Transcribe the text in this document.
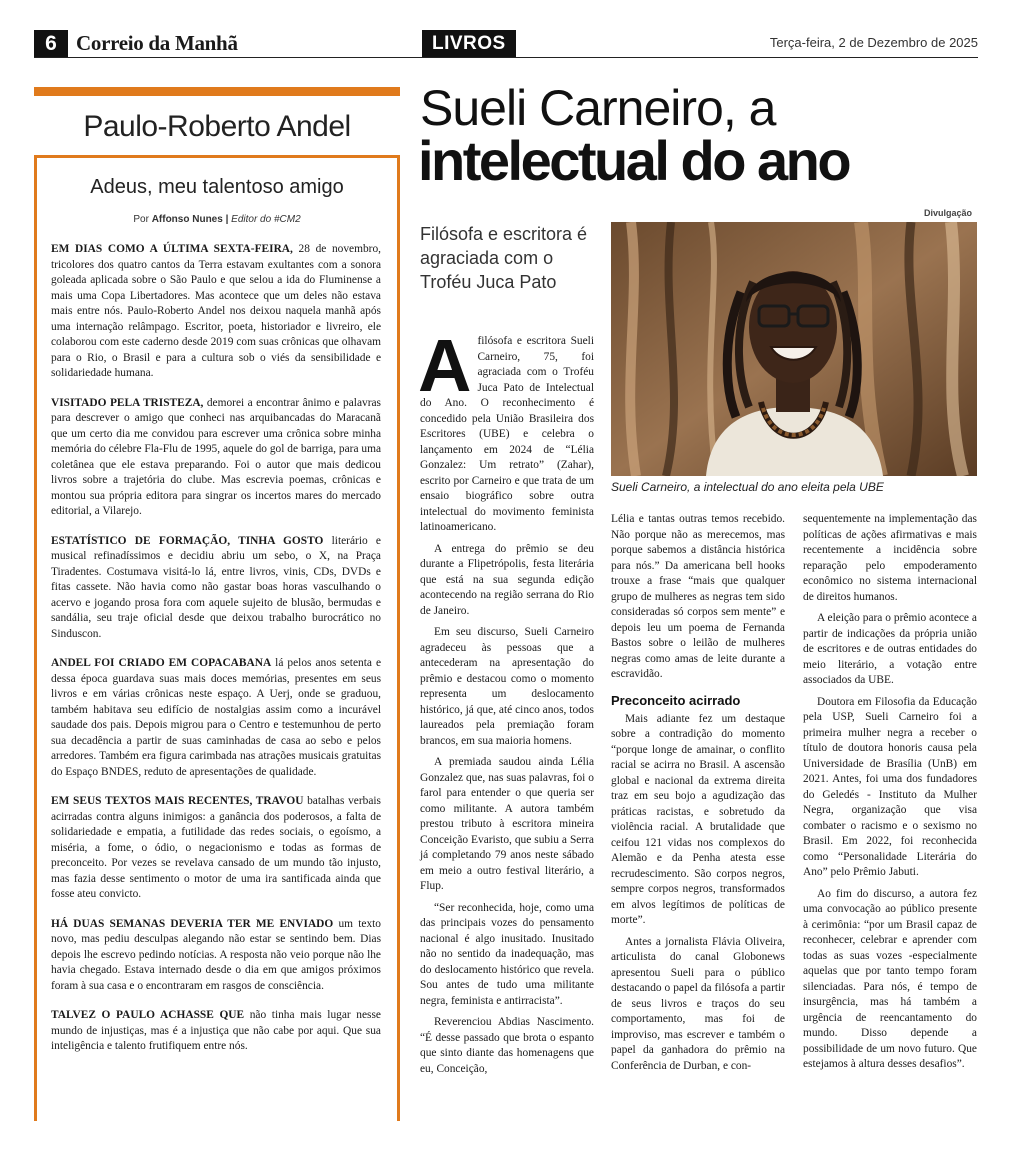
6 Correio da Manhã	LIVROS	Terça-feira, 2 de Dezembro de 2025
Paulo-Roberto Andel
Adeus, meu talentoso amigo
Por Affonso Nunes | Editor do #CM2

EM DIAS COMO A ÚLTIMA SEXTA-FEIRA, 28 de novembro, tricolores dos quatro cantos da Terra estavam exultantes com a sonora goleada aplicada sobre o São Paulo e que selou a ida do Fluminense a mais uma Copa Libertadores. Mas acontece que um deles não estava mais entre nós. Paulo-Roberto Andel nos deixou naquela manhã após uma internação relâmpago. Escritor, poeta, historiador e livreiro, ele colaborou com este caderno desde 2019 com suas crônicas que olhavam para o Rio, o Brasil e para a cultura sob o viés da sensibilidade e solidariedade humana.

VISITADO PELA TRISTEZA, demorei a encontrar ânimo e palavras para descrever o amigo que conheci nas arquibancadas do Maracanã que um certo dia me convidou para escrever uma crônica sobre minha memória do célebre Fla-Flu de 1995, aquele do gol de barriga, para uma coletânea que ele estava preparando. Foi o autor que mais dedicou livros sobre a trajetória do clube. Mas escrevia poemas, crônicas e montou sua própria editora para singrar os incertos mares do mercado editorial, a Vilarejo.

ESTATÍSTICO DE FORMAÇÃO, TINHA GOSTO literário e musical refinadíssimos e decidiu abriu um sebo, o X, na Praça Tiradentes. Costumava visitá-lo lá, entre livros, vinis, CDs, DVDs e fitas cassete. Não havia como não gastar boas horas vasculhando o acervo e jogando prosa fora com aquele sujeito de blusão, bermudas e sandália, seu traje oficial desde que deixou trabalho burocrático no Sinduscon.

ANDEL FOI CRIADO EM COPACABANA lá pelos anos setenta e dessa época guardava suas mais doces memórias, presentes em seus livros e em várias crônicas neste espaço. A Uerj, onde se graduou, também habitava seu edifício de nostalgias assim como a incurável saudade dos pais. Depois migrou para o Centro e testemunhou de perto sua decadência a partir de suas caminhadas de casa ao sebo e pelos arredores. Também era figura carimbada nas atrações musicais gratuitas do Espaço BNDES, reduto de apresentações de qualidade.

EM SEUS TEXTOS MAIS RECENTES, TRAVOU batalhas verbais acirradas contra alguns inimigos: a ganância dos poderosos, a falta de solidariedade e empatia, a futilidade das redes sociais, o egoísmo, a miséria, a fome, o ódio, o negacionismo e todas as formas de preconceito. Por vezes se revelava cansado de um mundo tão injusto, mas fazia desse sentimento o motor de uma ira santificada ainda que fosse ateu convicto.

HÁ DUAS SEMANAS DEVERIA TER ME ENVIADO um texto novo, mas pediu desculpas alegando não estar se sentindo bem. Dias depois lhe escrevo pedindo notícias. A resposta não veio porque não lhe havia chegado. Estava internado desde o dia em que amigos próximos foram à sua casa e o encontraram em rasgos de consciência.

TALVEZ O PAULO ACHASSE QUE não tinha mais lugar nesse mundo de injustiças, mas é a injustiça que não cabe por aqui. Que sua inteligência e talento frutifiquem entre nós.

Sueli Carneiro, a
intelectual do ano
Filósofa e escritora é agraciada com o Troféu Juca Pato
Divulgação
Sueli Carneiro, a intelectual do ano eleita pela UBE

Afilósofa e escritora Sueli Carneiro, 75, foi agraciada com o Troféu Juca Pato de Intelectual do Ano. O reconhecimento é concedido pela União Brasileira dos Escritores (UBE) e celebra o lançamento em 2024 de “Lélia Gonzalez: Um retrato” (Zahar), escrito por Carneiro e que trata de um ensaio biográfico sobre outra intelectual do movimento feminista latinoamericano.

A entrega do prêmio se deu durante a Flipetrópolis, festa literária que está na sua segunda edição acontecendo na região serrana do Rio de Janeiro.

Em seu discurso, Sueli Carneiro agradeceu às pessoas que a antecederam na apresentação do prêmio e destacou como o momento representa um deslocamento histórico, já que, até cinco anos, todos laureados pela premiação foram brancos, em sua maioria homens.

A premiada saudou ainda Lélia Gonzalez que, nas suas palavras, foi o farol para entender o que queria ser como militante. A autora também prestou tributo à escritora mineira Conceição Evaristo, que subiu a Serra já completando 79 anos neste sábado em meio a outro festival literário, a Flup.

“Ser reconhecida, hoje, como uma das principais vozes do pensamento nacional é algo inusitado. Inusitado não no sentido da inadequação, mas do deslocamento histórico que revela. Sou antes de tudo uma militante negra, feminista e antirracista”.

Reverenciou Abdias Nascimento. “É desse passado que brota o espanto que sinto diante das homenagens que eu, Conceição,

Lélia e tantas outras temos recebido. Não porque não as merecemos, mas porque sabemos a distância histórica para nós.” Da americana bell hooks trouxe a frase “mais que qualquer grupo de mulheres as negras tem sido consideradas só corpos sem mente” e depois leu um poema de Fernanda Bastos sobre o leilão de mulheres negras como amas de leite durante a escravidão.

Preconceito acirrado

Mais adiante fez um destaque sobre a contradição do momento “porque longe de amainar, o conflito racial se acirra no Brasil. A ascensão global e nacional da extrema direita traz em seu bojo a agudização das práticas racistas, e sobretudo da violência racial. A brutalidade que ceifou 121 vidas nos complexos do Alemão e da Penha atesta esse recrudescimento. São corpos negros, sempre corpos negros, transformados em alvos legítimos de políticas de morte”.

Antes a jornalista Flávia Oliveira, articulista do canal Globonews apresentou Sueli para o público destacando o papel da filósofa a partir de seus livros e traços do seu comportamento, mas foi de improviso, mas escrever e também o papel da ganhadora do prêmio na Conferência de Durban, e con-

sequentemente na implementação das políticas de ações afirmativas e mais recentemente a incidência sobre reparação pelo empoderamento econômico no sistema internacional de direitos humanos.

A eleição para o prêmio acontece a partir de indicações da própria união de escritores e de outras entidades do meio literário, a votação entre associados da UBE.

Doutora em Filosofia da Educação pela USP, Sueli Carneiro foi a primeira mulher negra a receber o título de doutora honoris causa pela Universidade de Brasília (UnB) em 2021. Antes, foi uma dos fundadores do Geledés - Instituto da Mulher Negra, organização que visa combater o racismo e o sexismo no Brasil. Em 2022, foi reconhecida como “Personalidade Literária do Ano” pelo Prêmio Jabuti.

Ao fim do discurso, a autora fez uma convocação ao público presente à cerimônia: “por um Brasil capaz de reconhecer, celebrar e aprender com todas as suas vozes -especialmente aquelas que por tanto tempo foram silenciadas. Para nós, é tempo de insurgência, mas há também a urgência de reencantamento do mundo. Disso depende a possibilidade de um novo futuro. Que estejamos à altura desses desafios”.
